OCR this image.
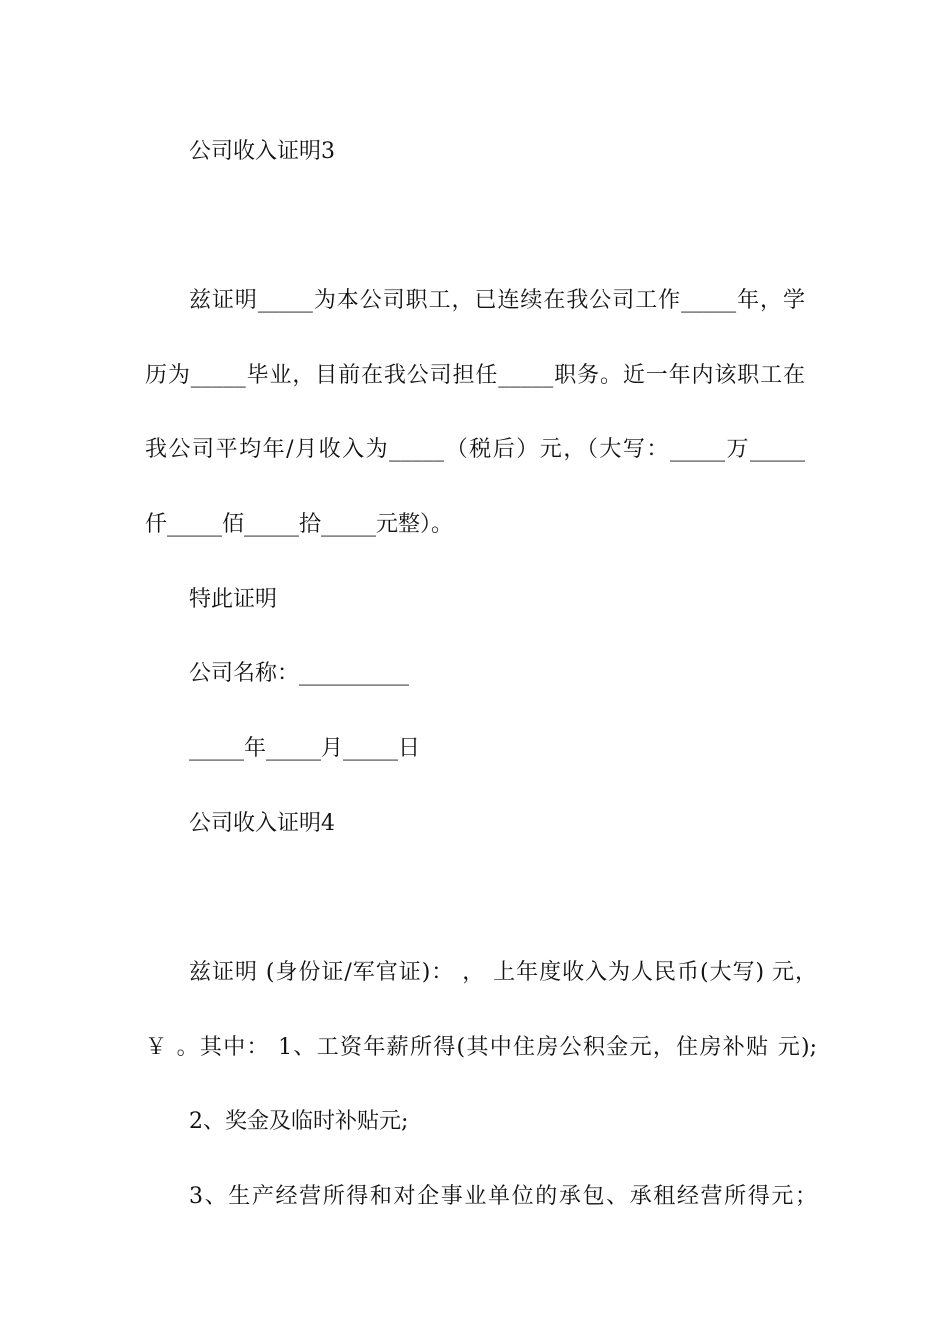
公司收入证明3

兹证明_____为本公司职工，已连续在我公司工作_____年，学

历为_____毕业，目前在我公司担任_____职务。近一年内该职工在

我公司平均年/月收入为_____（税后）元，（大写：_____万_____

仟_____佰_____拾_____元整）。

特此证明

公司名称：__________

_____年_____月_____日

公司收入证明4

兹证明 (身份证/军官证)： ， 上年度收入为人民币(大写) 元，

￥ 。其中： 1、工资年薪所得(其中住房公积金元，住房补贴 元);

2、奖金及临时补贴元;

3、生产经营所得和对企事业单位的承包、承租经营所得元；
